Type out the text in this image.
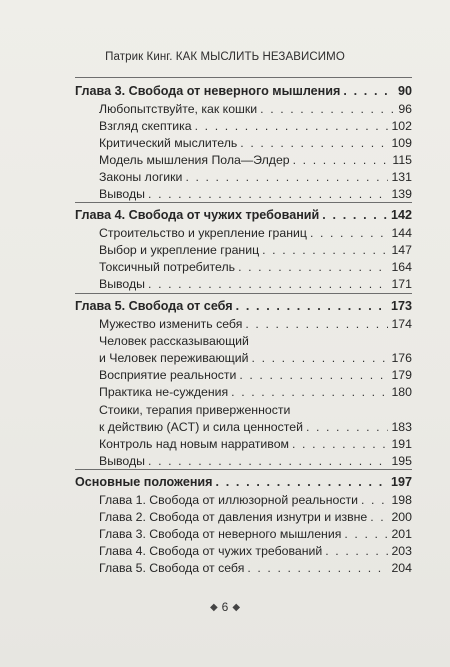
Патрик Кинг. КАК МЫСЛИТЬ НЕЗАВИСИМО
Глава 3. Свобода от неверного мышления . . .	90
Любопытствуйте, как кошки . . .	96
Взгляд скептика . . .	102
Критический мыслитель . . .	109
Модель мышления Пола—Элдер . . .	115
Законы логики . . .	131
Выводы . . .	139
Глава 4. Свобода от чужих требований . . .	142
Строительство и укрепление границ . . .	144
Выбор и укрепление границ . . .	147
Токсичный потребитель . . .	164
Выводы . . .	171
Глава 5. Свобода от себя . . .	173
Мужество изменить себя . . .	174
Человек рассказывающий
и Человек переживающий . . .	176
Восприятие реальности . . .	179
Практика не-суждения . . .	180
Стоики, терапия приверженности
к действию (ACT) и сила ценностей . . .	183
Контроль над новым нарративом . . .	191
Выводы . . .	195
Основные положения . . .	197
Глава 1. Свобода от иллюзорной реальности . . .	198
Глава 2. Свобода от давления изнутри и извне . . . 200
Глава 3. Свобода от неверного мышления . . .	201
Глава 4. Свобода от чужих требований . . .	203
Глава 5. Свобода от себя . . .	204
◆ 6 ◆
